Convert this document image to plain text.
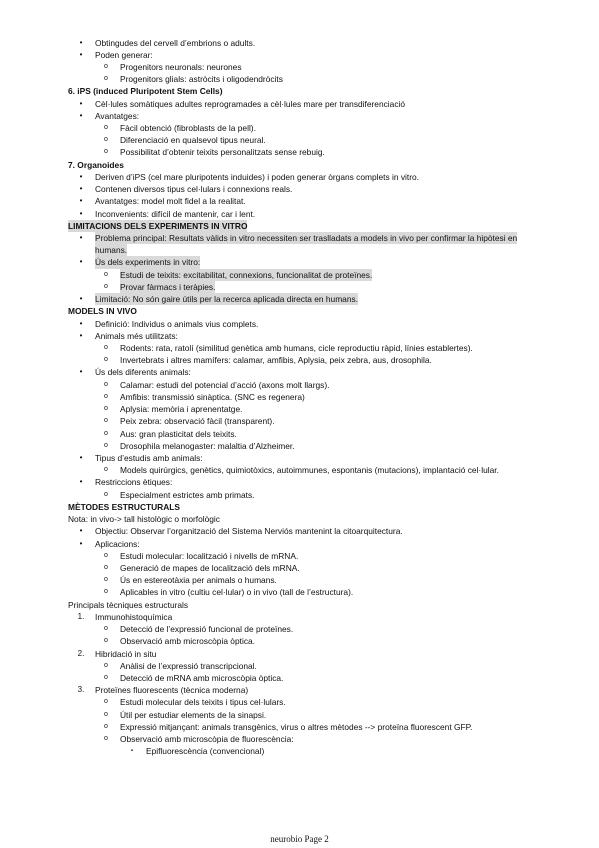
•	Obtingudes del cervell d’embrions o adults.
•	Poden generar:
o	Progenitors neuronals: neurones
o	Progenitors glials: astròcits i oligodendròcits
6. iPS (induced Pluripotent Stem Cells)
•	Cèl·lules somàtiques adultes reprogramades a cèl·lules mare per transdiferenciació
•	Avantatges:
o	Fàcil obtenció (fibroblasts de la pell).
o	Diferenciació en qualsevol tipus neural.
o	Possibilitat d’obtenir teixits personalitzats sense rebuig.
7. Organoides
•	Deriven d’iPS (cel mare pluripotents induides) i poden generar òrgans complets in vitro.
•	Contenen diversos tipus cel·lulars i connexions reals.
•	Avantatges: model molt fidel a la realitat.
•	Inconvenients: difícil de mantenir, car i lent.
LIMITACIONS DELS EXPERIMENTS IN VITRO
•	Problema principal: Resultats vàlids in vitro necessiten ser traslladats a models in vivo per confirmar la hipòtesi en
humans.
•	Ús dels experiments in vitro:
o	Estudi de teixits: excitabilitat, connexions, funcionalitat de proteïnes.
o	Provar fàrmacs i teràpies.
•	Limitació: No són gaire útils per la recerca aplicada directa en humans.
MODELS IN VIVO
•	Definició: Individus o animals vius complets.
•	Animals més utilitzats:
o	Rodents: rata, ratolí (similitud genètica amb humans, cicle reproductiu ràpid, línies establertes).
o	Invertebrats i altres mamífers: calamar, amfibis, Aplysia, peix zebra, aus, drosophila.
•	Ús dels diferents animals:
o	Calamar: estudi del potencial d’acció (axons molt llargs).
o	Amfibis: transmissió sinàptica. (SNC es regenera)
o	Aplysia: memòria i aprenentatge.
o	Peix zebra: observació fàcil (transparent).
o	Aus: gran plasticitat dels teixits.
o	Drosophila melanogaster: malaltia d’Alzheimer.
•	Tipus d’estudis amb animals:
o	Models quirúrgics, genètics, quimiotòxics, autoimmunes, espontanis (mutacions), implantació cel·lular.
•	Restriccions ètiques:
o	Especialment estrictes amb primats.
MÈTODES ESTRUCTURALS
Nota: in vivo-> tall histològic o morfològic
•	Objectiu: Observar l’organització del Sistema Nerviós mantenint la citoarquitectura.
•	Aplicacions:
o	Estudi molecular: localització i nivells de mRNA.
o	Generació de mapes de localització dels mRNA.
o	Ús en estereotàxia per animals o humans.
o	Aplicables in vitro (cultiu cel·lular) o in vivo (tall de l’estructura).
Principals tècniques estructurals
1.	Immunohistoquímica
o	Detecció de l’expressió funcional de proteïnes.
o	Observació amb microscòpia òptica.
2.	Hibridació in situ
o	Anàlisi de l’expressió transcripcional.
o	Detecció de mRNA amb microscòpia òptica.
3.	Proteïnes fluorescents (tècnica moderna)
o	Estudi molecular dels teixits i tipus cel·lulars.
o	Útil per estudiar elements de la sinapsi.
o	Expressió mitjançant: animals transgènics, virus o altres mètodes --> proteïna fluorescent GFP.
o	Observació amb microscòpia de fluorescència:
▪	Epifluorescència (convencional)
neurobio Page 2
